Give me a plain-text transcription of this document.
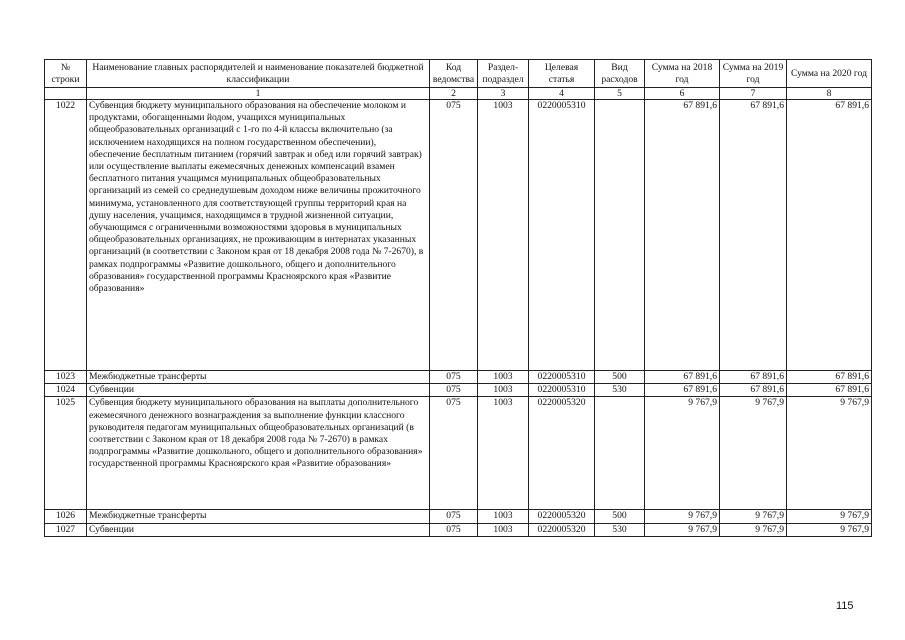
№ строки	Наименование главных распорядителей и наименование показателей бюджетной классификации	Код ведомства	Раздел-подраздел	Целевая статья	Вид расходов	Сумма на 2018 год	Сумма на 2019 год	Сумма на 2020 год
	1	2	3	4	5	6	7	8
1022	Субвенция бюджету муниципального образования на обеспечение молоком и продуктами, обогащенными йодом, учащихся муниципальных общеобразовательных организаций с 1-го по 4-й классы включительно (за исключением находящихся на полном государственном обеспечении), обеспечение бесплатным питанием (горячий завтрак и обед или горячий завтрак) или осуществление выплаты ежемесячных денежных компенсаций взамен бесплатного питания учащимся муниципальных общеобразовательных организаций из семей со среднедушевым доходом ниже величины прожиточного минимума, установленного для соответствующей группы территорий края на душу населения, учащимся, находящимся в трудной жизненной ситуации, обучающимся с ограниченными возможностями здоровья в муниципальных общеобразовательных организациях, не проживающим в интернатах указанных организаций (в соответствии с Законом края от 18 декабря 2008 года № 7-2670), в рамках подпрограммы «Развитие дошкольного, общего и дополнительного образования» государственной программы Красноярского края «Развитие образования»	075	1003	0220005310		67 891,6	67 891,6	67 891,6
1023	Межбюджетные трансферты	075	1003	0220005310	500	67 891,6	67 891,6	67 891,6
1024	Субвенции	075	1003	0220005310	530	67 891,6	67 891,6	67 891,6
1025	Субвенция бюджету муниципального образования на выплаты дополнительного ежемесячного денежного вознаграждения за выполнение функции классного руководителя педагогам муниципальных общеобразовательных организаций (в соответствии с Законом края от 18 декабря 2008 года № 7-2670) в рамках подпрограммы «Развитие дошкольного, общего и дополнительного образования» государственной программы Красноярского края «Развитие образования»	075	1003	0220005320		9 767,9	9 767,9	9 767,9
1026	Межбюджетные трансферты	075	1003	0220005320	500	9 767,9	9 767,9	9 767,9
1027	Субвенции	075	1003	0220005320	530	9 767,9	9 767,9	9 767,9
115
